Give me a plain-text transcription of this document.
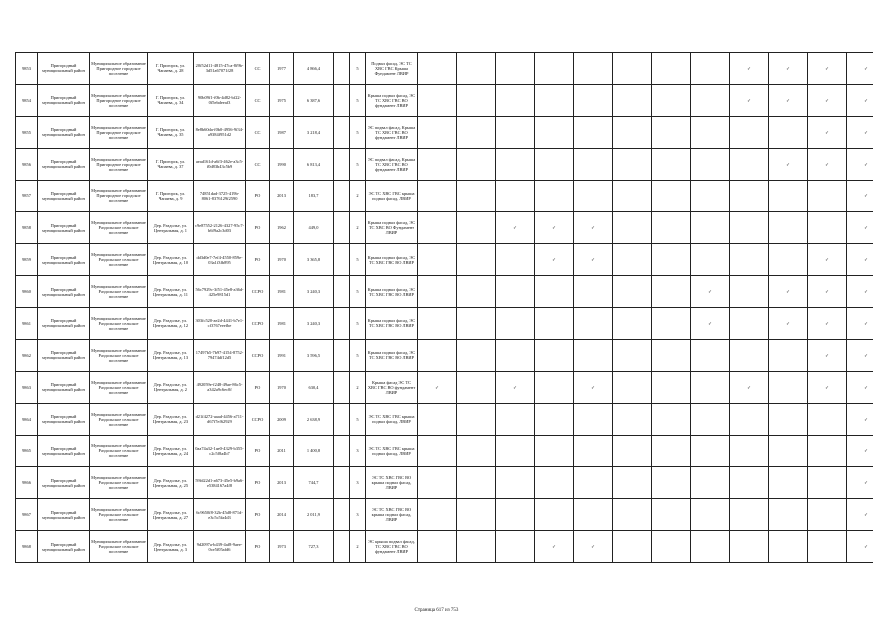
9853	Пригородный муниципальный район	Муниципальное образование Пригородное городское поселение	Г. Пригорск, ул. Чапаева, д. 28	20f52d11-4815-47ca-8f9b-3d51a67071f28	СС	1977	4 866,4		5	Подвал фасад, ЭС ТС ХВС ГВС Крыша Фундамент ЛВИР									✓	✓	✓	✓
9854	Пригородный муниципальный район	Муниципальное образование Пригородное городское поселение	Г. Пригорск, ул. Чапаева, д. 34	90b09f1-f0b-4d82-bf22-0f5ebdeeaf3	СС	1975	6 387,6		5	Крыша подвал фасад, ЭС ТС ХВС ГВС ВО фундамент ЛВИР									✓	✓	✓	✓
9855	Пригородный муниципальный район	Муниципальное образование Пригородное городское поселение	Г. Пригорск, ул. Чапаева, д. 35	8e8b60da-f0b0-4956-9f34-a9384f951d2	СС	1987	3 218,4		5	ЭС подвал фасад, Крыша ТС ХВС ГВС ВО фундамент ЛВИР											✓	✓
9856	Пригородный муниципальный район	Муниципальное образование Пригородное городское поселение	Г. Пригорск, ул. Чапаева, д. 37	aead161d-a6f3-462e-a3c5-f0d83b43c5b9	СС	1990	6 813,4		5	ЭС подвал фасад, Крыша ТС ХВС ГВС ВО фундамент ЛВИР										✓	✓	✓
9857	Пригородный муниципальный район	Муниципальное образование Пригородное городское поселение	Г. Пригорск, ул. Чапаева, д. 9	74851dad-3725-419b-8061-8376129f2590	РО	2013	183,7		2	ЭС ТС ХВС ГВС крыша подвал фасад, ЛВИР												✓
9858	Пригородный муниципальный район	Муниципальное образование Раздольское сельское поселение	Дер. Раздолье, ул. Центральная, д. 1	c9e87552-2126-4327-95c7-b6f9a2c3d03	РО	1962	449,0		2	Крыша подвал фасад, ЭС ТС ХВС ВО Фундамент ЛВИР			✓	✓	✓							✓
9859	Пригородный муниципальный район	Муниципальное образование Раздольское сельское поселение	Дер. Раздолье, ул. Центральная, д. 10	dd3d0e7-7ef4-4550-859e-03a1f3fb895	РО	1970	3 365,8		5	Крыша подвал фасад, ЭС ТС ХВС ГВС ВО ЛВИР				✓	✓						✓	✓
9860	Пригородный муниципальный район	Муниципальное образование Раздольское сельское поселение	Дер. Раздолье, ул. Центральная, д. 11	56c7929c-3f51-45e8-a36d-425e9815d1	ССРО	1981	3 240,3		5	Крыша подвал фасад, ЭС ТС ХВС ГВС ВО ЛВИР								✓		✓	✓	✓
9861	Пригородный муниципальный район	Муниципальное образование Раздольское сельское поселение	Дер. Раздолье, ул. Центральная, д. 12	303fc520-ae2d-4441-b7e1-cf3767eeefbe	ССРО	1981	3 240,3		5	Крыша подвал фасад, ЭС ТС ХВС ГВС ВО ЛВИР								✓		✓	✓	✓
9862	Пригородный муниципальный район	Муниципальное образование Раздольское сельское поселение	Дер. Раздолье, ул. Центральная, д. 13	17497b5-7b97-4154-8752-79474df12d5	ССРО	1991	3 596,5		5	Крыша подвал фасад, ЭС ТС ХВС ГВС ВО ЛВИР											✓	✓
9863	Пригородный муниципальный район	Муниципальное образование Раздольское сельское поселение	Дер. Раздолье, ул. Центральная, д. 2	492059e-f248-49ae-86c5-a342a9c6ec0f	РО	1970	630,4		2	Крыша фасад ЭС ТС ХВС ГВС ВО фундамент ЛВИР	✓		✓		✓				✓		✓	✓
9864	Пригородный муниципальный район	Муниципальное образование Раздольское сельское поселение	Дер. Раздолье, ул. Центральная, д. 23	d21f4272-aaad-4456-a711-d67f7ef62929	ССРО	2009	2 638,9		5	ЭС ТС ХВС ГВС крыша подвал фасад, ЛВИР												✓
9865	Пригородный муниципальный район	Муниципальное образование Раздольское сельское поселение	Дер. Раздолье, ул. Центральная, д. 24	0aa74a32-1ae0-4329-b355-c2c5f8a4b7	РО	2011	1 400,8		3	ЭС ТС ХВС ГВС крыша подвал фасад, ЛВИР												✓
9866	Пригородный муниципальный район	Муниципальное образование Раздольское сельское поселение	Дер. Раздолье, ул. Центральная, д. 25	59fd22d1-a673-45e5-b9a6-e5384167a4f8	РО	2013	744,7		3	ЭС ТС ХВС ГВС ВО крыша подвал фасад, ЛВИР												✓
9867	Пригородный муниципальный район	Муниципальное образование Раздольское сельское поселение	Дер. Раздолье, ул. Центральная, д. 27	6c9650f8-32b-45d8-871d-e3c5c5fa4d3	РО	2014	2 011,9		3	ЭС ТС ХВС ГВС ВО крыша подвал фасад, ЛВИР												✓
9868	Пригородный муниципальный район	Муниципальное образование Раздольское сельское поселение	Дер. Раздолье, ул. Центральная, д. 3	9d2097a-b439-4af8-9aee-0ce5f05afd6	РО	1973	727,3		2	ЭС крыша подвал фасад, ТС ХВС ГВС ВО фундамент ЛВИР				✓	✓							✓
Страница 617 из 753
